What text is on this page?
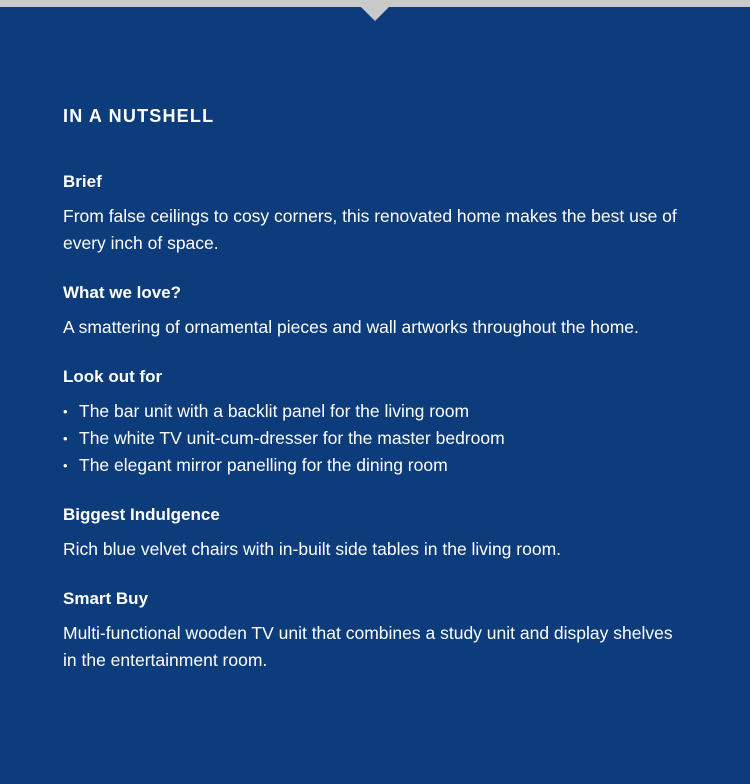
IN A NUTSHELL
Brief

From false ceilings to cosy corners, this renovated home makes the best use of every inch of space.

What we love?

A smattering of ornamental pieces and wall artworks throughout the home.

Look out for
• The bar unit with a backlit panel for the living room
• The white TV unit-cum-dresser for the master bedroom
• The elegant mirror panelling for the dining room
Biggest Indulgence

Rich blue velvet chairs with in-built side tables in the living room.

Smart Buy

Multi-functional wooden TV unit that combines a study unit and display shelves in the entertainment room.
